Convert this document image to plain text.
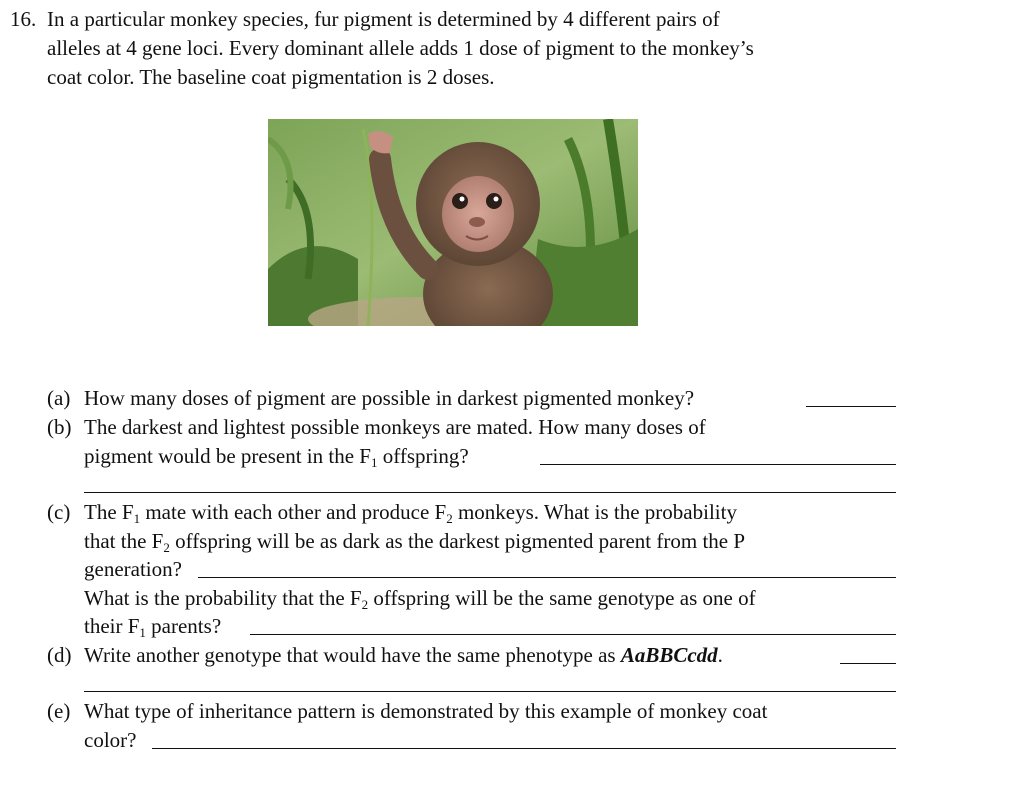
16. In a particular monkey species, fur pigment is determined by 4 different pairs of
alleles at 4 gene loci. Every dominant allele adds 1 dose of pigment to the monkey’s
coat color. The baseline coat pigmentation is 2 doses.
(a) How many doses of pigment are possible in darkest pigmented monkey?
(b) The darkest and lightest possible monkeys are mated. How many doses of
pigment would be present in the $F_1$ offspring?
(c) The $F_1$ mate with each other and produce $F_2$ monkeys. What is the probability
that the $F_2$ offspring will be as dark as the darkest pigmented parent from the P
generation?
What is the probability that the $F_2$ offspring will be the same genotype as one of
their $F_1$ parents?
(d) Write another genotype that would have the same phenotype as AaBBCcdd.
(e) What type of inheritance pattern is demonstrated by this example of monkey coat
color?
